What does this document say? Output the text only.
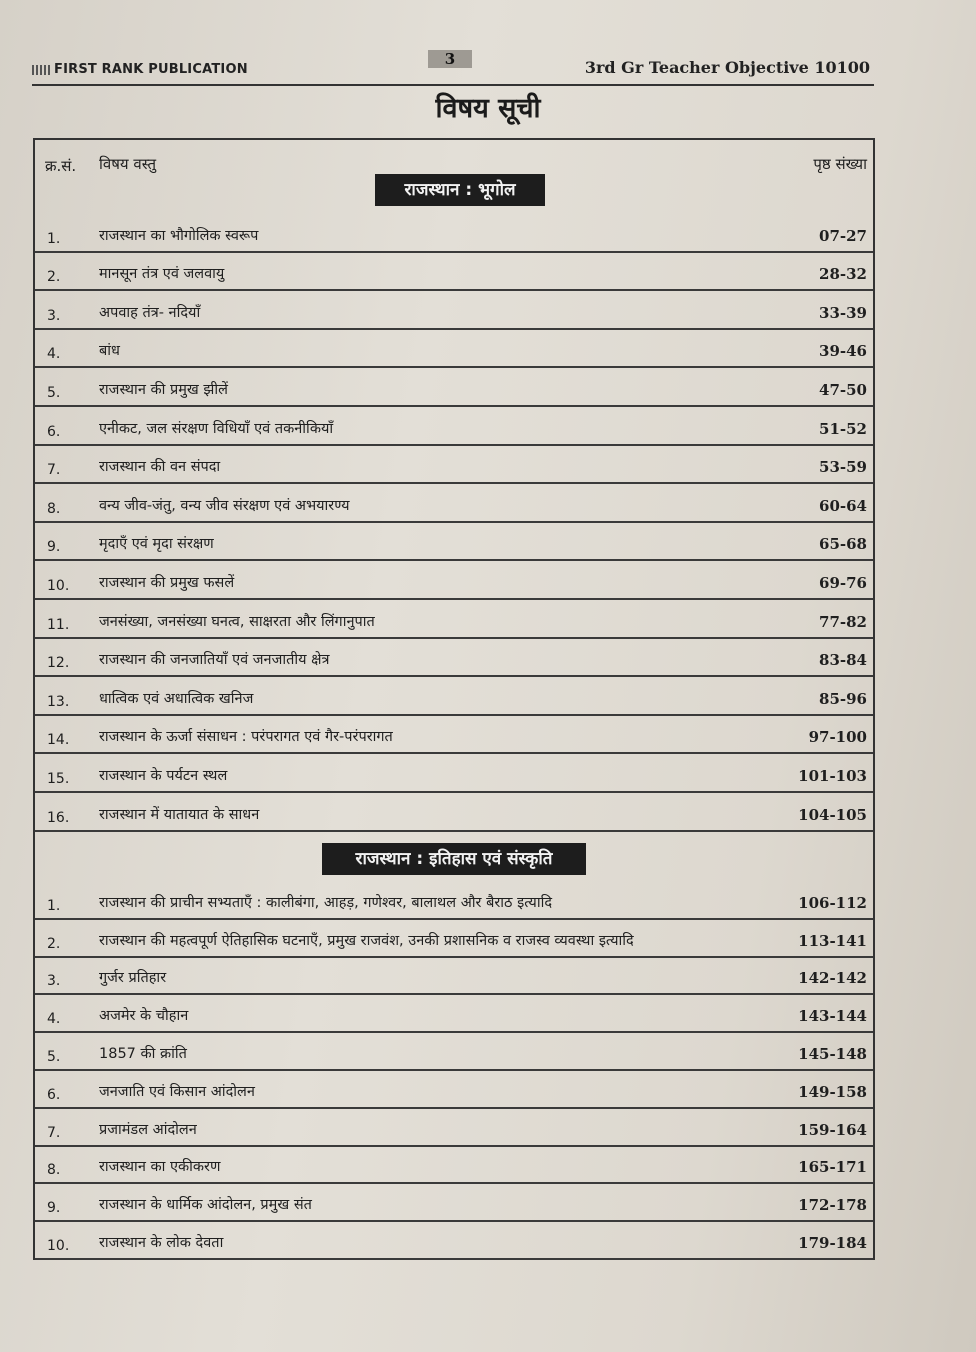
FIRST RANK PUBLICATION
3	3rd Gr Teacher Objective 10100
विषय सूची
क्र.सं. विषय वस्तु	पृष्ठ संख्या
राजस्थान : भूगोल
1.	राजस्थान का भौगोलिक स्वरूप	07-27
2.	मानसून तंत्र एवं जलवायु	28-32
3.	अपवाह तंत्र- नदियाँ	33-39
4.	बांध	39-46
5.	राजस्थान की प्रमुख झीलें	47-50
6.	एनीकट, जल संरक्षण विधियाँ एवं तकनीकियाँ	51-52
7.	राजस्थान की वन संपदा	53-59
8.	वन्य जीव-जंतु, वन्य जीव संरक्षण एवं अभयारण्य	60-64
9.	मृदाएँ एवं मृदा संरक्षण	65-68
10. राजस्थान की प्रमुख फसलें	69-76
11. जनसंख्या, जनसंख्या घनत्व, साक्षरता और लिंगानुपात	77-82
12. राजस्थान की जनजातियाँ एवं जनजातीय क्षेत्र	83-84
13. धात्विक एवं अधात्विक खनिज	85-96
14. राजस्थान के ऊर्जा संसाधन : परंपरागत एवं गैर-परंपरागत	97-100
15. राजस्थान के पर्यटन स्थल	101-103
16. राजस्थान में यातायात के साधन	104-105
राजस्थान : इतिहास एवं संस्कृति
1.	राजस्थान की प्राचीन सभ्यताएँ : कालीबंगा, आहड़, गणेश्वर, बालाथल और बैराठ इत्यादि	106-112
2.	राजस्थान की महत्वपूर्ण ऐतिहासिक घटनाएँ, प्रमुख राजवंश, उनकी प्रशासनिक व राजस्व व्यवस्था इत्यादि	113-141
3.	गुर्जर प्रतिहार	142-142
4.	अजमेर के चौहान	143-144
5.	1857 की क्रांति	145-148
6.	जनजाति एवं किसान आंदोलन	149-158
7.	प्रजामंडल आंदोलन	159-164
8.	राजस्थान का एकीकरण	165-171
9.	राजस्थान के धार्मिक आंदोलन, प्रमुख संत	172-178
10. राजस्थान के लोक देवता	179-184
